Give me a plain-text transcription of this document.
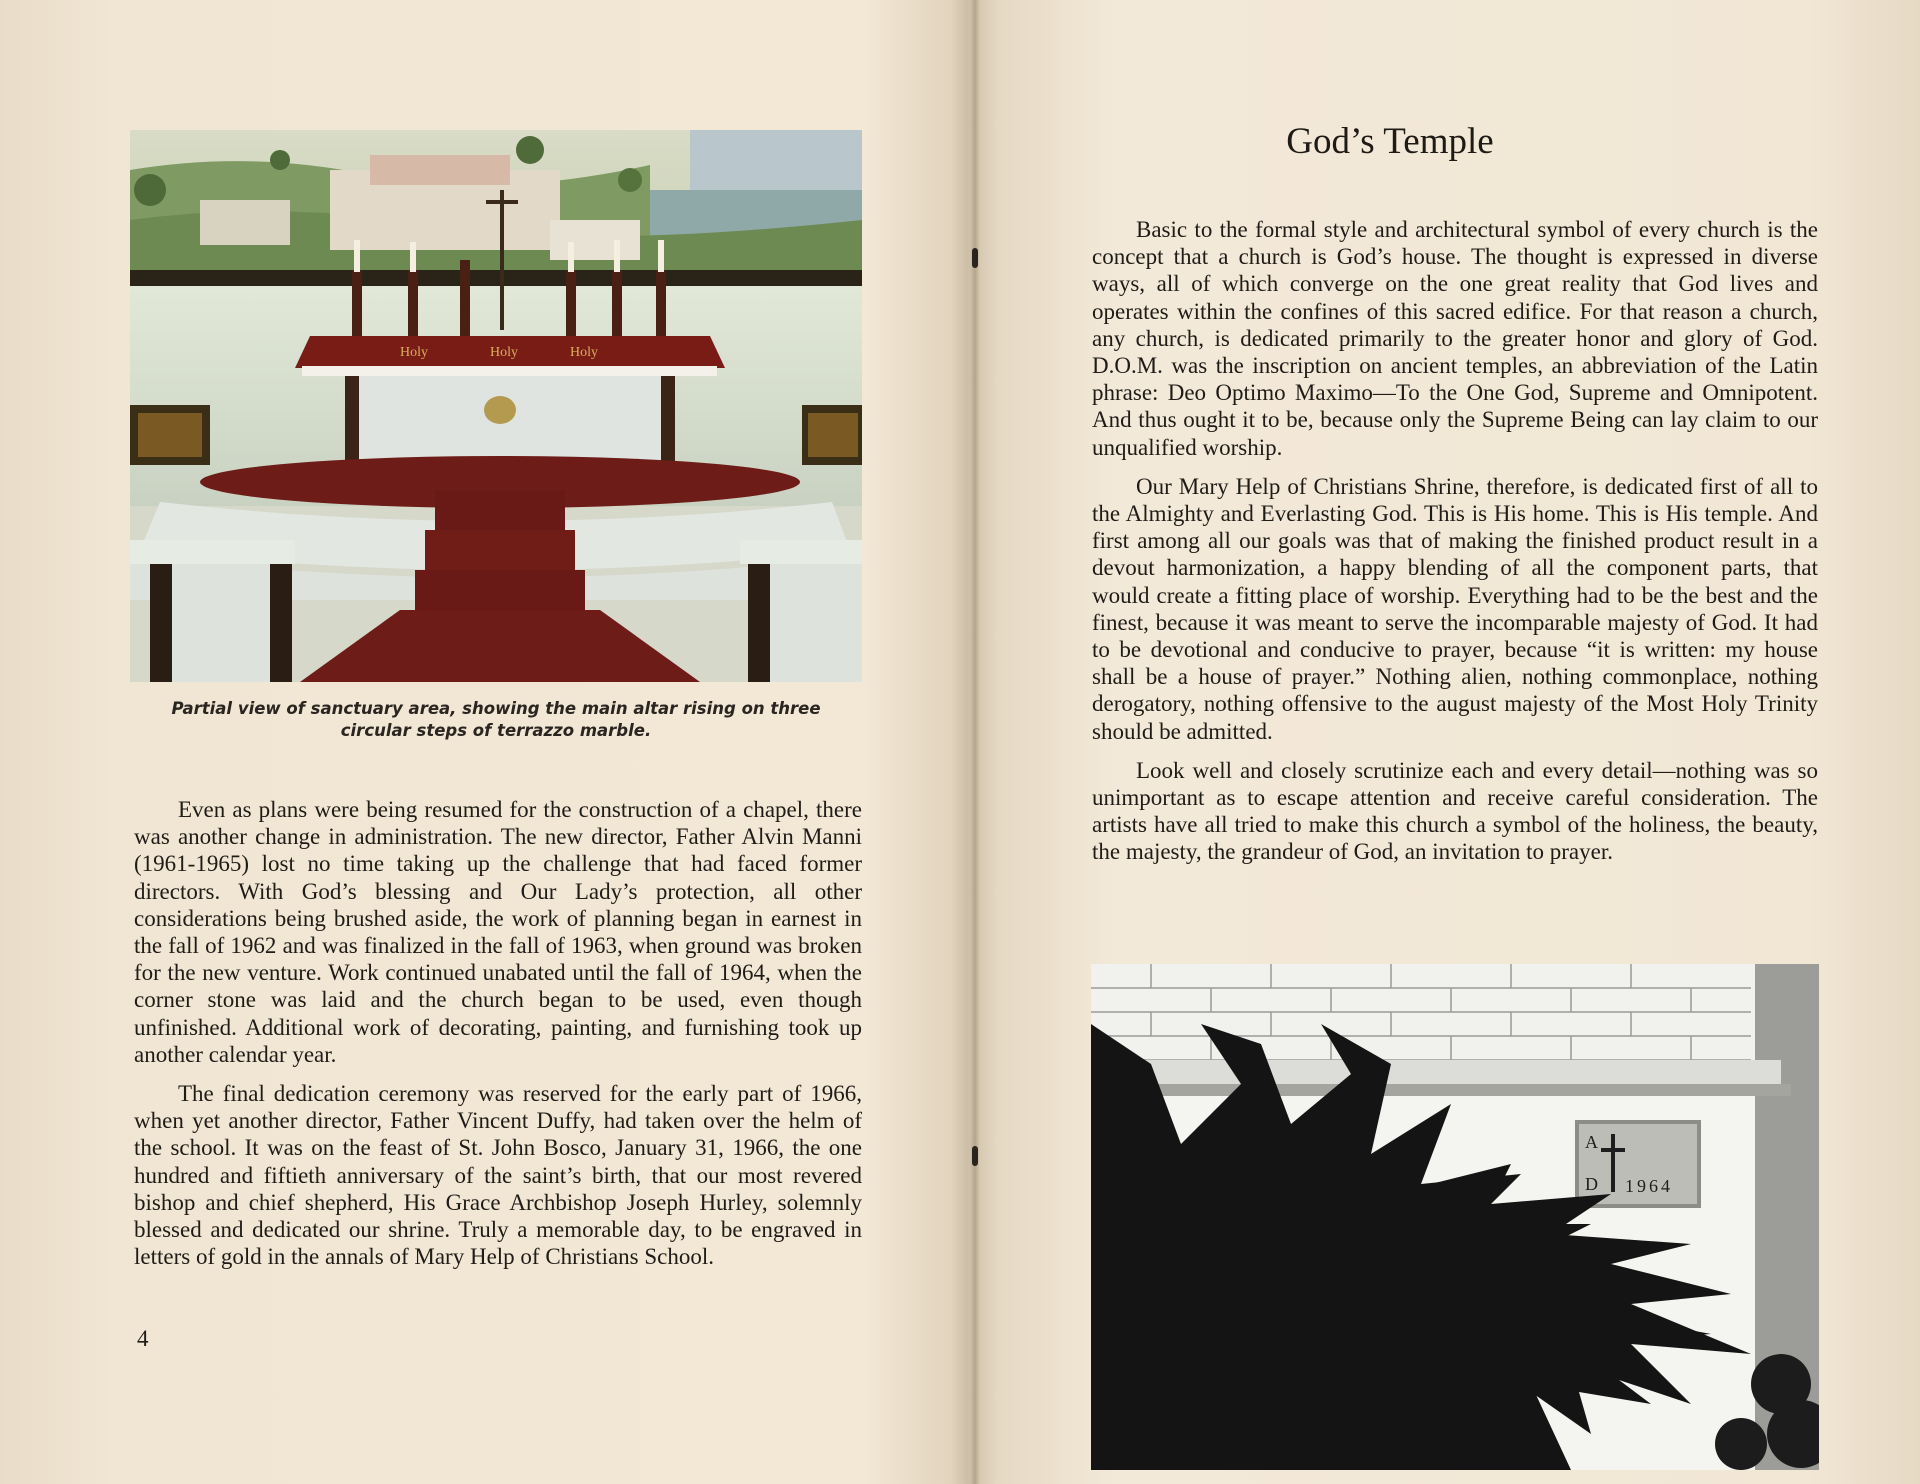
Holy	Holy	Holy
Partial view of sanctuary area, showing the main altar rising on three circular steps of terrazzo marble.

Even as plans were being resumed for the construction of a chapel, there was another change in administration. The new director, Father Alvin Manni (1961-1965) lost no time taking up the challenge that had faced former directors. With God’s blessing and Our Lady’s protection, all other considerations being brushed aside, the work of planning began in earnest in the fall of 1962 and was finalized in the fall of 1963, when ground was broken for the new venture. Work continued unabated until the fall of 1964, when the corner stone was laid and the church began to be used, even though unfinished. Additional work of decorating, painting, and furnishing took up another calendar year.

The final dedication ceremony was reserved for the early part of 1966, when yet another director, Father Vincent Duffy, had taken over the helm of the school. It was on the feast of St. John Bosco, January 31, 1966, the one hundred and fiftieth anniversary of the saint’s birth, that our most revered bishop and chief shepherd, His Grace Archbishop Joseph Hurley, solemnly blessed and dedicated our shrine. Truly a memorable day, to be engraved in letters of gold in the annals of Mary Help of Christians School.

4
God’s Temple

Basic to the formal style and architectural symbol of every church is the concept that a church is God’s house. The thought is expressed in diverse ways, all of which converge on the one great reality that God lives and operates within the confines of this sacred edifice. For that reason a church, any church, is dedicated primarily to the greater honor and glory of God. D.O.M. was the inscription on ancient temples, an abbreviation of the Latin phrase: Deo Optimo Maximo—To the One God, Supreme and Omnipotent. And thus ought it to be, because only the Supreme Being can lay claim to our unqualified worship.

Our Mary Help of Christians Shrine, therefore, is dedicated first of all to the Almighty and Everlasting God. This is His home. This is His temple. And first among all our goals was that of making the finished product result in a devout harmonization, a happy blending of all the component parts, that would create a fitting place of worship. Everything had to be the best and the finest, because it was meant to serve the incomparable majesty of God. It had to be devotional and conducive to prayer, because “it is written: my house shall be a house of prayer.” Nothing alien, nothing commonplace, nothing derogatory, nothing offensive to the august majesty of the Most Holy Trinity should be admitted.

Look well and closely scrutinize each and every detail—nothing was so unimportant as to escape attention and receive careful consideration. The artists have all tried to make this church a symbol of the holiness, the beauty, the majesty, the grandeur of God, an invitation to prayer.

A
D 1964
